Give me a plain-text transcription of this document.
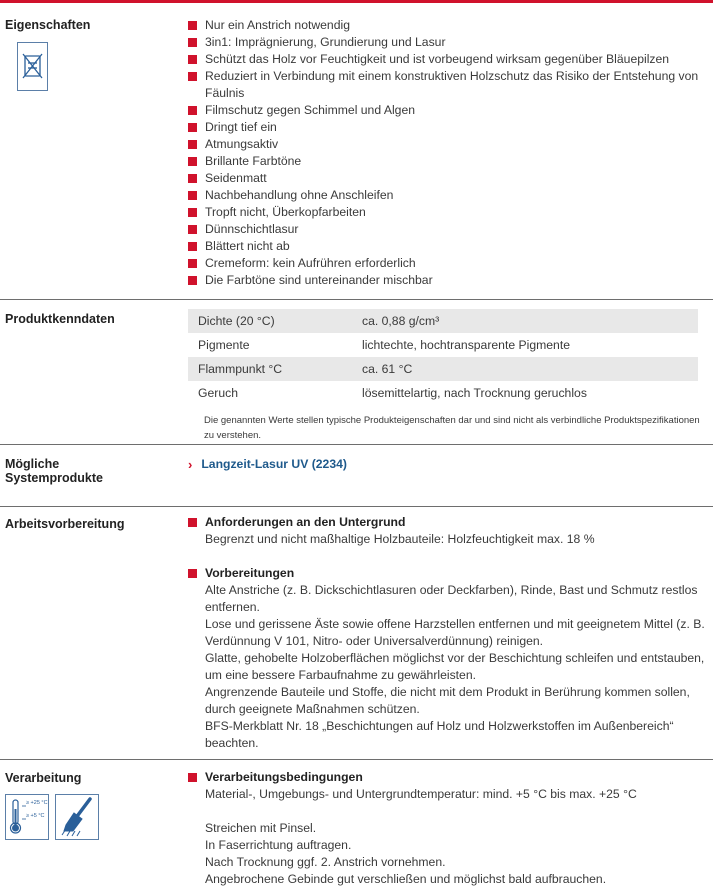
Eigenschaften	Nur ein Anstrich notwendig
3in1: Imprägnierung, Grundierung und Lasur
Schützt das Holz vor Feuchtigkeit und ist vorbeugend wirksam gegenüber Bläuepilzen
Reduziert in Verbindung mit einem konstruktiven Holzschutz das Risiko der Entstehung von Fäulnis
Filmschutz gegen Schimmel und Algen
Dringt tief ein
Atmungsaktiv
Brillante Farbtöne
Seidenmatt
Nachbehandlung ohne Anschleifen
Tropft nicht, Überkopfarbeiten
Dünnschichtlasur
Blättert nicht ab
Cremeform: kein Aufrühren erforderlich
Die Farbtöne sind untereinander mischbar
Produktkenndaten	Dichte (20 °C)	ca. 0,88 g/cm³
Pigmente	lichtechte, hochtransparente Pigmente
Flammpunkt °C	ca. 61 °C
Geruch	lösemittelartig, nach Trocknung geruchlos
Die genannten Werte stellen typische Produkteigenschaften dar und sind nicht als verbindliche Produktspezifikationen zu verstehen.
Mögliche
Systemprodukte
› Langzeit-Lasur UV (2234)
Arbeitsvorbereitung	Anforderungen an den Untergrund
Begrenzt und nicht maßhaltige Holzbauteile: Holzfeuchtigkeit max. 18 %
Vorbereitungen
Alte Anstriche (z. B. Dickschichtlasuren oder Deckfarben), Rinde, Bast und Schmutz restlos entfernen.
Lose und gerissene Äste sowie offene Harzstellen entfernen und mit geeignetem Mittel (z. B. Verdünnung V 101, Nitro- oder Universalverdünnung) reinigen.
Glatte, gehobelte Holzoberflächen möglichst vor der Beschichtung schleifen und entstauben, um eine bessere Farbaufnahme zu gewährleisten.
Angrenzende Bauteile und Stoffe, die nicht mit dem Produkt in Berührung kommen sollen, durch geeignete Maßnahmen schützen.
BFS-Merkblatt Nr. 18 „Beschichtungen auf Holz und Holzwerkstoffen im Außenbereich“ beachten.
Verarbeitung
≥ +25 °C
≥ +5 °C
Verarbeitungsbedingungen
Material-, Umgebungs- und Untergrundtemperatur: mind. +5 °C bis max. +25 °C
Streichen mit Pinsel.
In Faserrichtung auftragen.
Nach Trocknung ggf. 2. Anstrich vornehmen.
Angebrochene Gebinde gut verschließen und möglichst bald aufbrauchen.
